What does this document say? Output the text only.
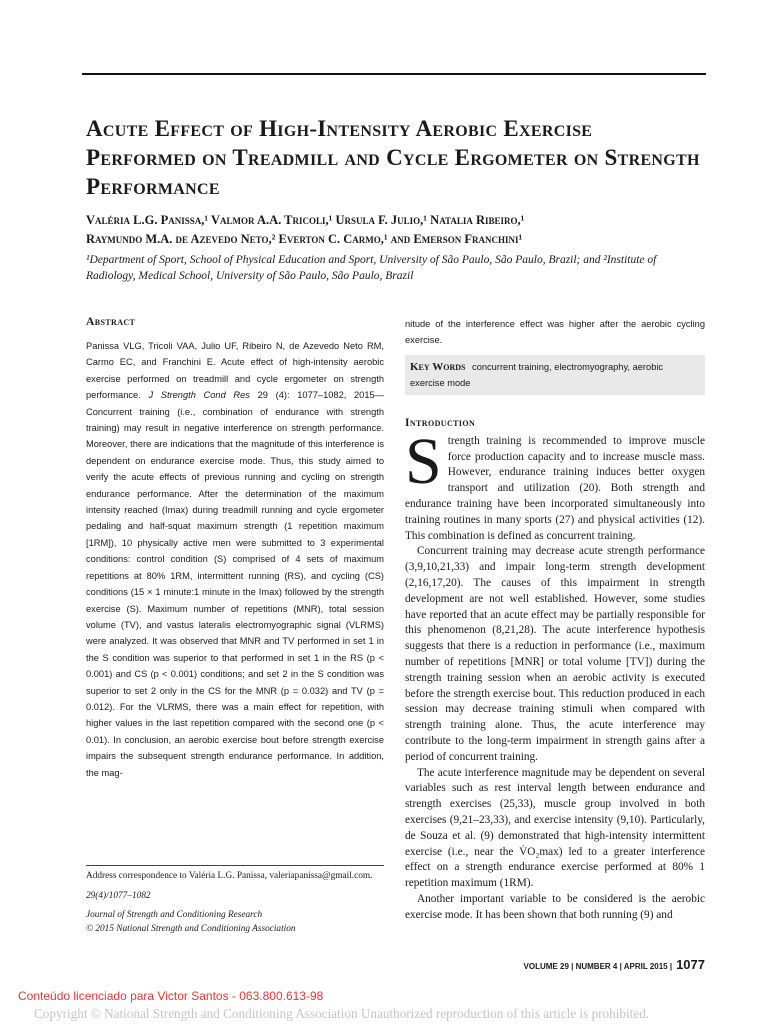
Acute Effect of High-Intensity Aerobic Exercise Performed on Treadmill and Cycle Ergometer on Strength Performance
Valéria L.G. Panissa,¹ Valmor A.A. Tricoli,¹ Ursula F. Julio,¹ Natalia Ribeiro,¹
Raymundo M.A. de Azevedo Neto,² Everton C. Carmo,¹ and Emerson Franchini¹
¹Department of Sport, School of Physical Education and Sport, University of São Paulo, São Paulo, Brazil; and ²Institute of Radiology, Medical School, University of São Paulo, São Paulo, Brazil
Abstract

Panissa VLG, Tricoli VAA, Julio UF, Ribeiro N, de Azevedo Neto RM, Carmo EC, and Franchini E. Acute effect of high-intensity aerobic exercise performed on treadmill and cycle ergometer on strength performance. J Strength Cond Res 29 (4): 1077–1082, 2015—Concurrent training (i.e., combination of endurance with strength training) may result in negative interference on strength performance. Moreover, there are indications that the magnitude of this interference is dependent on endurance exercise mode. Thus, this study aimed to verify the acute effects of previous running and cycling on strength endurance performance. After the determination of the maximum intensity reached (Imax) during treadmill running and cycle ergometer pedaling and half-squat maximum strength (1 repetition maximum [1RM]), 10 physically active men were submitted to 3 experimental conditions: control condition (S) comprised of 4 sets of maximum repetitions at 80% 1RM, intermittent running (RS), and cycling (CS) conditions (15 × 1 minute:1 minute in the Imax) followed by the strength exercise (S). Maximum number of repetitions (MNR), total session volume (TV), and vastus lateralis electromyographic signal (VLRMS) were analyzed. It was observed that MNR and TV performed in set 1 in the S condition was superior to that performed in set 1 in the RS (p < 0.001) and CS (p < 0.001) conditions; and set 2 in the S condition was superior to set 2 only in the CS for the MNR (p = 0.032) and TV (p = 0.012). For the VLRMS, there was a main effect for repetition, with higher values in the last repetition compared with the second one (p < 0.01). In conclusion, an aerobic exercise bout before strength exercise impairs the subsequent strength endurance performance. In addition, the mag-

nitude of the interference effect was higher after the aerobic cycling exercise.

Key Words concurrent training, electromyography, aerobic exercise mode
Introduction

S trength training is recommended to improve muscle force production capacity and to increase muscle mass. However, endurance training induces better oxygen transport and utilization (20). Both strength and endurance training have been incorporated simultaneously into training routines in many sports (27) and physical activities (12). This combination is defined as concurrent training.

Concurrent training may decrease acute strength performance (3,9,10,21,33) and impair long-term strength development (2,16,17,20). The causes of this impairment in strength development are not well established. However, some studies have reported that an acute effect may be partially responsible for this phenomenon (8,21,28). The acute interference hypothesis suggests that there is a reduction in performance (i.e., maximum number of repetitions [MNR] or total volume [TV]) during the strength training session when an aerobic activity is executed before the strength exercise bout. This reduction produced in each session may decrease training stimuli when compared with strength training alone. Thus, the acute interference may contribute to the long-term impairment in strength gains after a period of concurrent training.

The acute interference magnitude may be dependent on several variables such as rest interval length between endurance and strength exercises (25,33), muscle group involved in both exercises (9,21–23,33), and exercise intensity (9,10). Particularly, de Souza et al. (9) demonstrated that high-intensity intermittent exercise (i.e., near the V̇O₂max) led to a greater interference effect on a strength endurance exercise performed at 80% 1 repetition maximum (1RM).

Another important variable to be considered is the aerobic exercise mode. It has been shown that both running (9) and

Address correspondence to Valéria L.G. Panissa, valeriapanissa@gmail.com.

29(4)/1077–1082

Journal of Strength and Conditioning Research

© 2015 National Strength and Conditioning Association

VOLUME 29 | NUMBER 4 | APRIL 2015 | 1077
Conteúdo licenciado para Victor Santos - 063.800.613-98
Copyright © National Strength and Conditioning Association Unauthorized reproduction of this article is prohibited.
